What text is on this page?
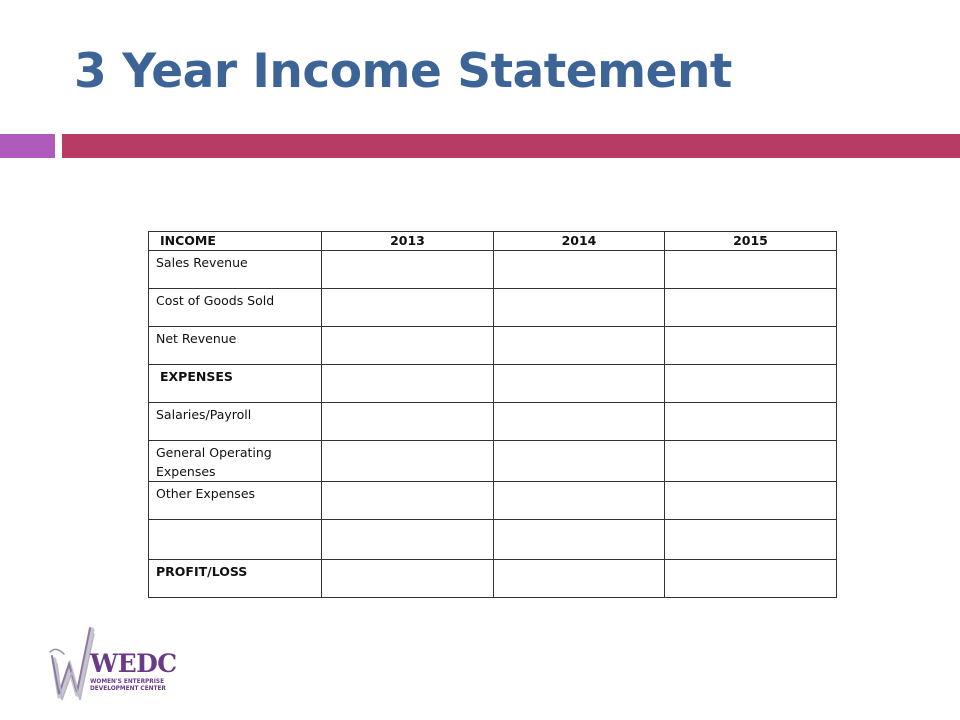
3 Year Income Statement
INCOME	2013	2014	2015
Sales Revenue			
Cost of Goods Sold			
Net Revenue			
EXPENSES			
Salaries/Payroll			
General Operating Expenses			
Other Expenses			

PROFIT/LOSS			
WEDC
WOMEN'S ENTERPRISE
DEVELOPMENT CENTER
